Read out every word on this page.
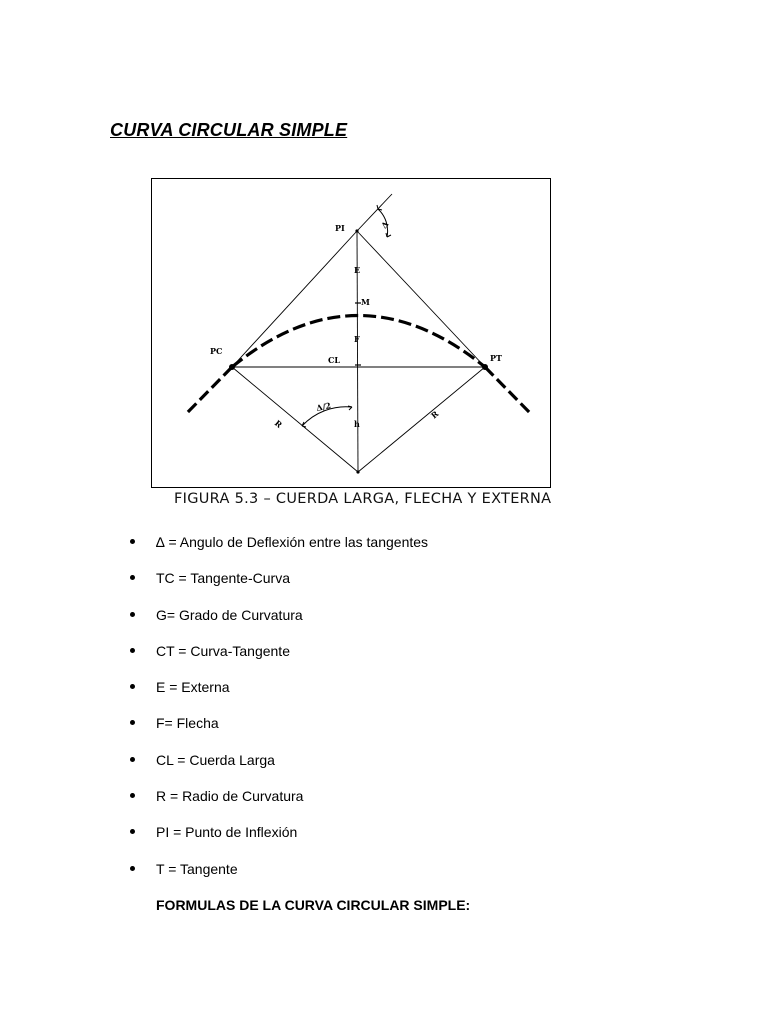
CURVA CIRCULAR SIMPLE
PI
PC
PT
CL
M
E
F
h
R
R
Δ
Δ/2
FIGURA 5.3 – CUERDA LARGA, FLECHA Y EXTERNA
∆ = Angulo de Deflexión entre las tangentes
TC = Tangente-Curva
G= Grado de Curvatura
CT = Curva-Tangente
E = Externa
F= Flecha
CL = Cuerda Larga
R = Radio de Curvatura
PI = Punto de Inflexión
T = Tangente
FORMULAS DE LA CURVA CIRCULAR SIMPLE:
